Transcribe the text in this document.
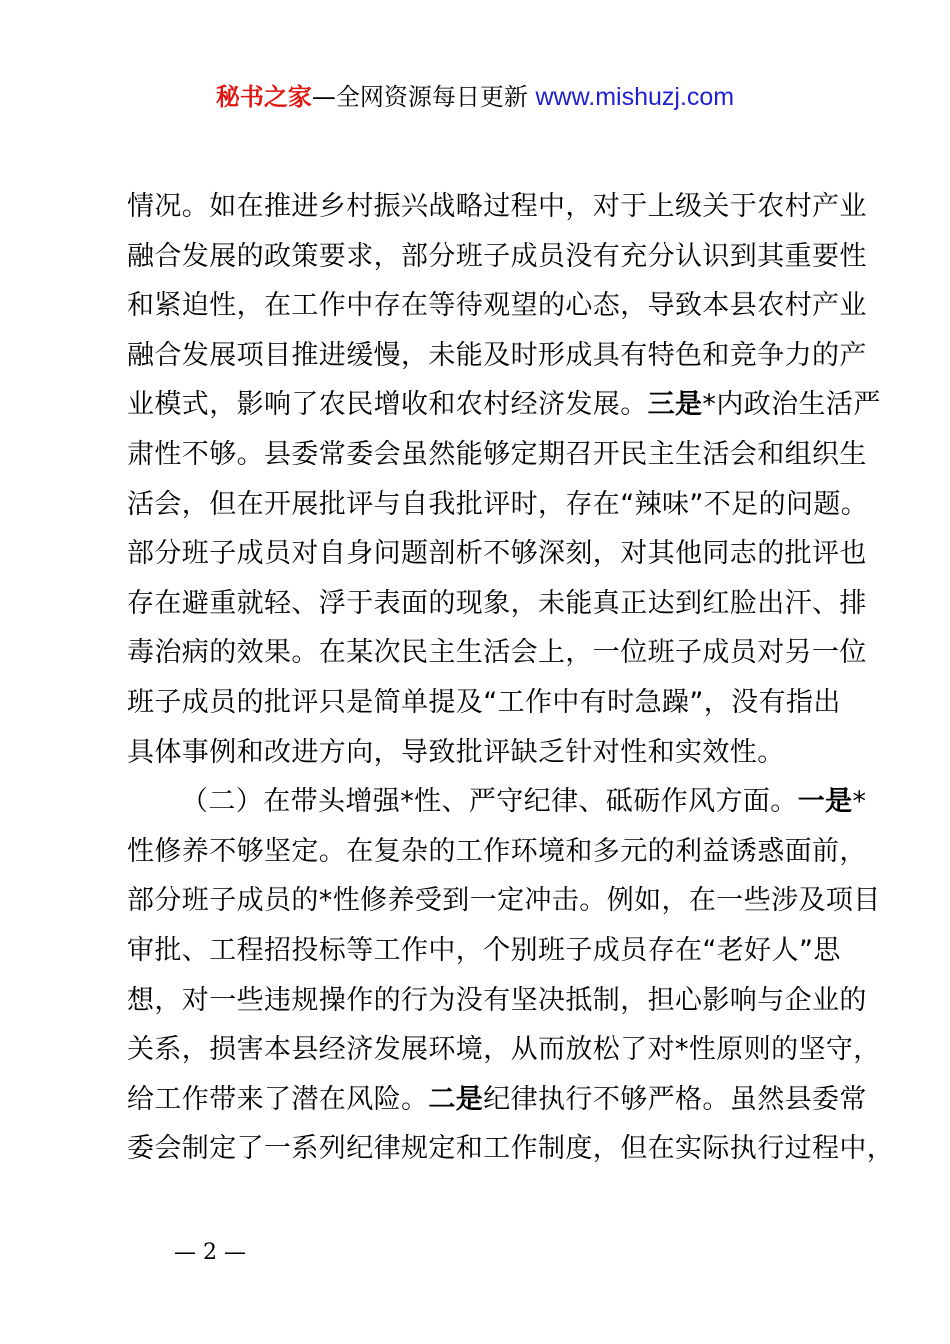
秘书之家—全网资源每日更新 www.mishuzj.com
情况。如在推进乡村振兴战略过程中，对于上级关于农村产业
融合发展的政策要求，部分班子成员没有充分认识到其重要性
和紧迫性，在工作中存在等待观望的心态，导致本县农村产业
融合发展项目推进缓慢，未能及时形成具有特色和竞争力的产
业模式，影响了农民增收和农村经济发展。三是*内政治生活严
肃性不够。县委常委会虽然能够定期召开民主生活会和组织生
活会，但在开展批评与自我批评时，存在“辣味”不足的问题。
部分班子成员对自身问题剖析不够深刻，对其他同志的批评也
存在避重就轻、浮于表面的现象，未能真正达到红脸出汗、排
毒治病的效果。在某次民主生活会上，一位班子成员对另一位
班子成员的批评只是简单提及“工作中有时急躁”，没有指出
具体事例和改进方向，导致批评缺乏针对性和实效性。
（二）在带头增强*性、严守纪律、砥砺作风方面。一是*
性修养不够坚定。在复杂的工作环境和多元的利益诱惑面前，
部分班子成员的*性修养受到一定冲击。例如，在一些涉及项目
审批、工程招投标等工作中，个别班子成员存在“老好人”思
想，对一些违规操作的行为没有坚决抵制，担心影响与企业的
关系，损害本县经济发展环境，从而放松了对*性原则的坚守，
给工作带来了潜在风险。二是纪律执行不够严格。虽然县委常
委会制定了一系列纪律规定和工作制度，但在实际执行过程中，
— 2 —
